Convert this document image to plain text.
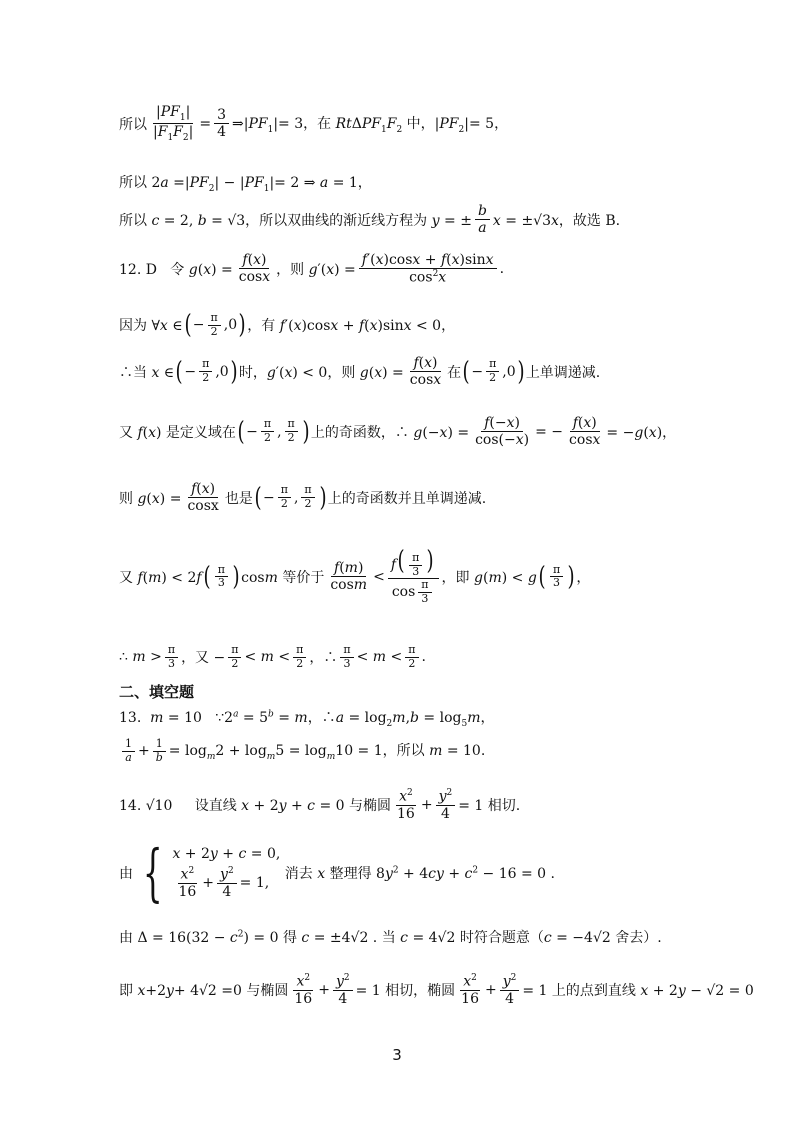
所以 $\frac{|PF_1|}{|F_1F_2|} = \frac{3}{4}$ $\Rightarrow|PF_1|= 3$，在 $Rt\Delta PF_1F_2$ 中，$|PF_2|= 5$，
所以 $2a =|PF_2| - |PF_1|= 2$ ⇒ a = 1，
所以 c = 2, b = √3，所以双曲线的渐近线方程为 y = ± $\frac{b}{a}$ x = ±√3x，故选 B.
12. D   令 $g(x) = \frac{f(x)}{\cos x}$ ，则 $g'(x) = \frac{f'(x)\cos x + f(x)\sin x}{\cos^2x}$ .
因为 ∀x ∈ ( − $\frac{\pi}{2} ,0$ ) ，有 f′(x)cosx + f(x)sinx < 0，
∴当 x ∈ ( − $\frac{\pi}{2} ,0$ ) 时，g′(x) < 0，则 $g(x) = \frac{f(x)}{\cos x}$ 在 ( − $\frac{\pi}{2} ,0$ ) 上单调递减.
又 f(x) 是定义域在 ( − $\frac{\pi}{2}$ , $\frac{\pi}{2}$ ) 上的奇函数，∴ $g(-x) = \frac{f(-x)}{\cos(-x)}$ = − $\frac{f(x)}{\cos x} = -g(x)$，
则 $g(x) = \frac{f(x)}{\cos x}$ 也是 ( − $\frac{\pi}{2}$ , $\frac{\pi}{2}$ ) 上的奇函数并且单调递减.
又 f(m) < 2f ( $\frac{\pi}{3}$ ) cosm 等价于 $\frac{f(m)}{\cos m} < \frac{f( \frac{\pi}{3} )}{\cos \frac{\pi}{3}}$ ，即 g(m) < g ( $\frac{\pi}{3}$ ) ，
∴ $m > \frac{\pi}{3}$ ，又 − $\frac{\pi}{2} < m < \frac{\pi}{2}$ ，∴ $\frac{\pi}{3} < m < \frac{\pi}{2}$ .
二、填空题
13.  m = 10   $\because 2^a = 5^b = m$，∴a = $\log_2m,b = \log_5m$，
$\frac{1}{a} + \frac{1}{b} = \log_m2 + \log_m5 = \log_m10 = 1$，所以 m = 10.
14. √10     设直线 x + 2y + c = 0 与椭圆 $\frac{x^2}{16} + \frac{y^2}{4} = 1$ 相切.
由 { x + 2y + c = 0,
$\frac{x^2}{16} + \frac{y^2}{4} = 1$,
消去 x 整理得 $8y^2 + 4cy + c^2 - 16 = 0$ .
由 $\Delta = 16(32 - c^2) = 0$ 得 c = ±4√2 . 当 c = 4√2 时符合题意（c = −4√2 舍去）.
即 x+2y+ 4√2 =0 与椭圆 $\frac{x^2}{16} + \frac{y^2}{4} = 1$ 相切，椭圆 $\frac{x^2}{16} + \frac{y^2}{4} = 1$ 上的点到直线 x + 2y − √2 = 0
3
